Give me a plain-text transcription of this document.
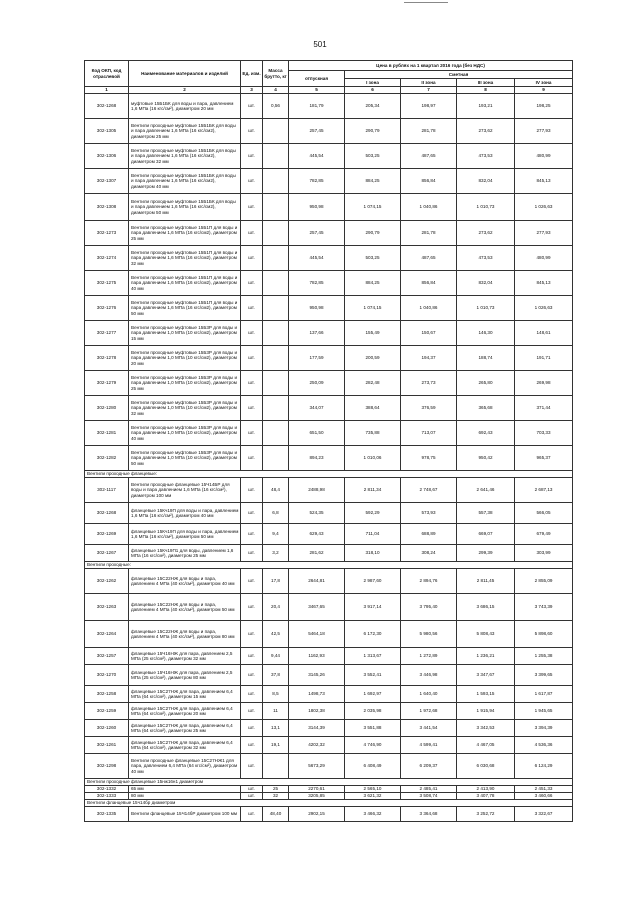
501
Код ОКП, код отраслевой	Наименование материалов и изделий	Ед. изм.	Масса брутто, кг	Цена в рублях на 1 квартал 2016 года (без НДС)				
				отпускная	Сметная			
					I зона	II зона	III зона	IV зона
1	2	3	4	5	6	7	8	9
302-1268	муфтовые 15Б1БК для воды и пара, давлением 1,6 МПа (16 кгс/см²), диаметром 20 мм	шт.	0,56	181,79	205,34	198,97	193,21	198,25
302-1305	Вентили проходные муфтовые 15Б1БК для воды и пара давлением 1,6 МПа (16 кгс/см2), диаметром 25 мм	шт.		257,45	290,79	281,78	273,62	277,93
302-1306	Вентили проходные муфтовые 15Б1БК для воды и пара давлением 1,6 МПа (16 кгс/см2), диаметром 32 мм	шт.		445,54	503,25	487,65	473,53	480,99
302-1307	Вентили проходные муфтовые 15Б1БК для воды и пара давлением 1,6 МПа (16 кгс/см2), диаметром 40 мм	шт.		782,85	884,25	856,84	832,04	845,13
302-1308	Вентили проходные муфтовые 15Б1БК для воды и пара давлением 1,6 МПа (16 кгс/см2), диаметром 50 мм	шт.		950,98	1 074,15	1 040,86	1 010,73	1 026,63
302-1273	Вентили проходные муфтовые 15Б1П для воды и пара давлением 1,6 МПа (16 кгс/см2), диаметром 25 мм	шт.		257,45	290,79	281,78	273,62	277,93
302-1274	Вентили проходные муфтовые 15Б1П для воды и пара давлением 1,6 МПа (16 кгс/см2), диаметром 32 мм	шт.		445,54	503,25	487,65	473,53	480,99
302-1275	Вентили проходные муфтовые 15Б1П для воды и пара давлением 1,6 МПа (16 кгс/см2), диаметром 40 мм	шт.		782,85	884,25	856,84	832,04	845,13
302-1276	Вентили проходные муфтовые 15Б1П для воды и пара давлением 1,6 МПа (16 кгс/см2), диаметром 50 мм	шт.		950,98	1 074,15	1 040,86	1 010,73	1 026,63
302-1277	Вентили проходные муфтовые 15Б3Р для воды и пара давлением 1,0 МПа (10 кгс/см2), диаметром 15 мм	шт.		137,66	155,49	150,67	146,30	148,61
302-1278	Вентили проходные муфтовые 15Б3Р для воды и пара давлением 1,0 МПа (10 кгс/см2), диаметром 20 мм	шт.		177,59	200,59	194,37	188,74	191,71
302-1279	Вентили проходные муфтовые 15Б3Р для воды и пара давлением 1,0 МПа (10 кгс/см2), диаметром 25 мм	шт.		250,09	282,48	273,73	265,80	269,98
302-1280	Вентили проходные муфтовые 15Б3Р для воды и пара давлением 1,0 МПа (10 кгс/см2), диаметром 32 мм	шт.		344,07	388,64	376,59	365,68	371,44
302-1281	Вентили проходные муфтовые 15Б3Р для воды и пара давлением 1,0 МПа (10 кгс/см2), диаметром 40 мм	шт.		651,50	735,88	713,07	692,43	703,33
302-1282	Вентили проходные муфтовые 15Б3Р для воды и пара давлением 1,0 МПа (10 кгс/см2), диаметром 50 мм	шт.		894,23	1 010,06	978,75	950,42	965,37
Вентили проходные фланцевые:								
302-1117	Вентили проходные фланцевые 15Ч14БР для воды и пара давлением 1,6 МПа (16 кгс/см²), диаметром 100 мм	шт.	48,4	2488,98	2 811,34	2 748,67	2 641,46	2 687,13
302-1268	фланцевые 15Кч19П для воды и пара, давлением 1,6 МПа (16 кгс/см²), диаметром 40 мм	шт.	6,8	524,35	592,29	573,93	557,38	566,05
302-1269	фланцевые 15Кч19П для воды и пара, давлением 1,6 МПа (16 кгс/см²), диаметром 50 мм	шт.	9,4	629,43	711,04	688,89	669,07	679,49
302-1267	фланцевые 15Кч19П1 для воды, давлением 1,6 МПа (16 кгс/см²), диаметром 25 мм	шт.	3,2	281,62	318,10	308,24	299,39	303,99
Вентили проходные:								
302-1262	фланцевые 15С22НЖ для воды и пара, давлением 4 МПа (40 кгс/см²), диаметром 40 мм	шт.	17,8	2644,81	2 987,60	2 894,76	2 811,45	2 855,09
302-1263	фланцевые 15С22НЖ для воды и пара, давлением 4 МПа (40 кгс/см²), диаметром 50 мм	шт.	20,4	3467,65	3 917,14	3 795,40	3 686,15	3 743,39
302-1264	фланцевые 15С22НЖ для воды и пара, давлением 4 МПа (40 кгс/см²), диаметром 80 мм	шт.	42,5	5464,18	6 172,30	5 980,56	5 808,43	5 898,60
302-1257	фланцевые 15Ч16НЖ для пара, давлением 2,5 МПа (25 кгс/см²), диаметром 32 мм	шт.	9,44	1162,93	1 313,67	1 272,89	1 236,21	1 255,38
302-1270	фланцевые 15Ч16НЖ для пара, давлением 2,5 МПа (25 кгс/см²), диаметром 80 мм	шт.	37,8	3145,26	3 552,41	3 446,98	3 347,67	3 399,65
302-1258	фланцевые 15С27НЖ для пара, давлением 6,4 МПа (64 кгс/см²), диаметром 15 мм	шт.	8,5	1498,73	1 692,97	1 640,40	1 593,15	1 617,87
302-1259	фланцевые 15С27НЖ для пара, давлением 6,4 МПа (64 кгс/см²), диаметром 20 мм	шт.	11	1802,38	2 035,98	1 972,68	1 915,94	1 945,65
302-1260	фланцевые 15С27НЖ для пара, давлением 6,4 МПа (64 кгс/см²), диаметром 25 мм	шт.	13,1	3144,39	3 551,88	3 441,54	3 342,53	3 394,39
302-1261	фланцевые 15С27НЖ для пара, давлением 6,4 МПа (64 кгс/см²), диаметром 32 мм	шт.	19,1	4202,32	4 746,90	4 599,41	4 467,05	4 536,36
302-1298	Вентили проходные фланцевые 15С27НЖ1 для пара, давлением 6,4 МПа (64 кгс/см²), диаметром 40 мм	шт.		5673,29	6 408,49	6 209,37	6 030,68	6 124,29
Вентили проходные фланцевые 15нж16н1 диаметром								
302-1332	65 мм	шт.	25	2270,61	2 565,10	2 485,41	2 413,90	2 451,33
302-1333	80 мм	шт.	32	3205,85	3 621,32	3 508,74	3 407,78	3 460,66
Вентили фланцевые 15ч14бр диаметром								
302-1335	Вентили фланцевые 15Ч14бР диаметром 100 мм	шт.	48,40	2902,15	3 466,32	3 364,68	3 252,72	3 322,67
